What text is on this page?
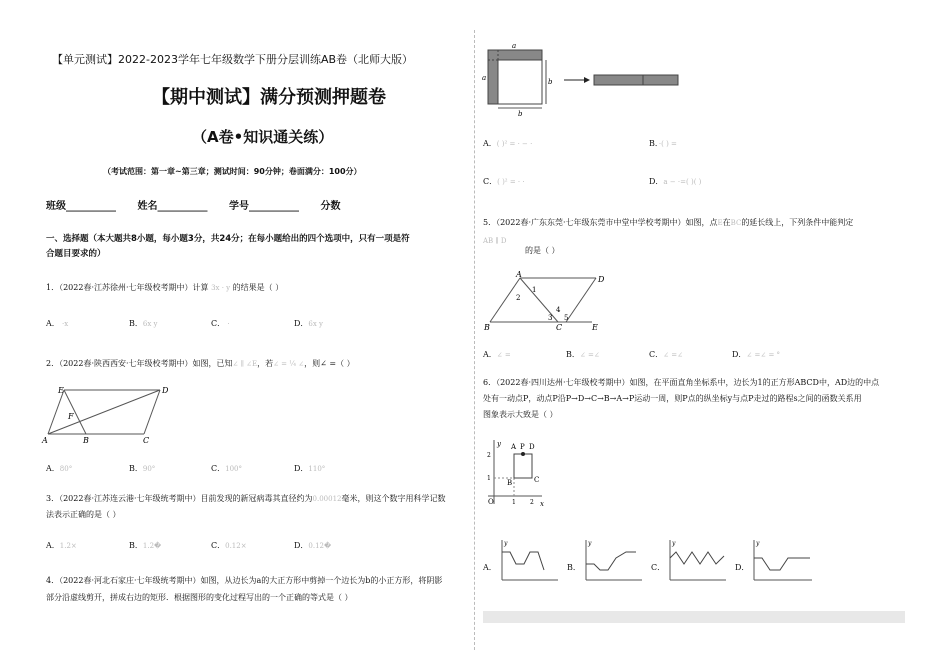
【单元测试】2022-2023学年七年级数学下册分层训练AB卷（北师大版）
【期中测试】满分预测押题卷
（A卷•知识通关练）
（考试范围：第一章~第三章；测试时间：90分钟；卷面满分：100分）
班级__________ 姓名__________ 学号__________ 分数
一、选择题（本大题共8小题，每小题3分，共24分；在每小题给出的四个选项中，只有一项是符
合题目要求的）
1．（2022春·江苏徐州·七年级校考期中）计算 3x · y 的结果是（ ）
A． ·x	B．6x y	C． ·	D．6x y
2．（2022春·陕西西安·七年级校考期中）如图，已知∠ ∥ ∠E，若∠ = ¼ ∠，则∠ =（ ）
E	D
F
A	B	C
A．80°	B．90°	C．100°	D．110°
3．（2022春·江苏连云港·七年级统考期中）目前发现的新冠病毒其直径约为0.00012毫米，则这个数字用科学记数
法表示正确的是（ ）
A．1.2×	B．1.2�	C．0.12×	D．0.12�
4．（2022春·河北石家庄·七年级统考期中）如图，从边长为a的大正方形中剪掉一个边长为b的小正方形，将阴影
部分沿虚线剪开，拼成右边的矩形．根据图形的变化过程写出的一个正确的等式是（ ）
a
a	b
b
A．( )² = · − ·	B．·( ) =
C．( )² = · ·	D．a − ·=( )( )
5．（2022春·广东东莞·七年级东莞市中堂中学校考期中）如图，点E在BC的延长线上，下列条件中能判定
AB ∥ D
的是（ ）
A
D
1
2
4
3 5
B	C	E
A．∠ =	B．∠ =∠	C．∠ =∠	D．∠ =∠ = °
6．（2022春·四川达州·七年级校考期中）如图，在平面直角坐标系中，边长为1的正方形ABCD中，AD边的中点
处有一动点P，动点P沿P→D→C→B→A→P运动一周，则P点的纵坐标y与点P走过的路程s之间的函数关系用
图象表示大致是（ ）
y A P D
B	C
O	x
2
1
1 2
A．
y
B．
y
C．
y
D．
y
